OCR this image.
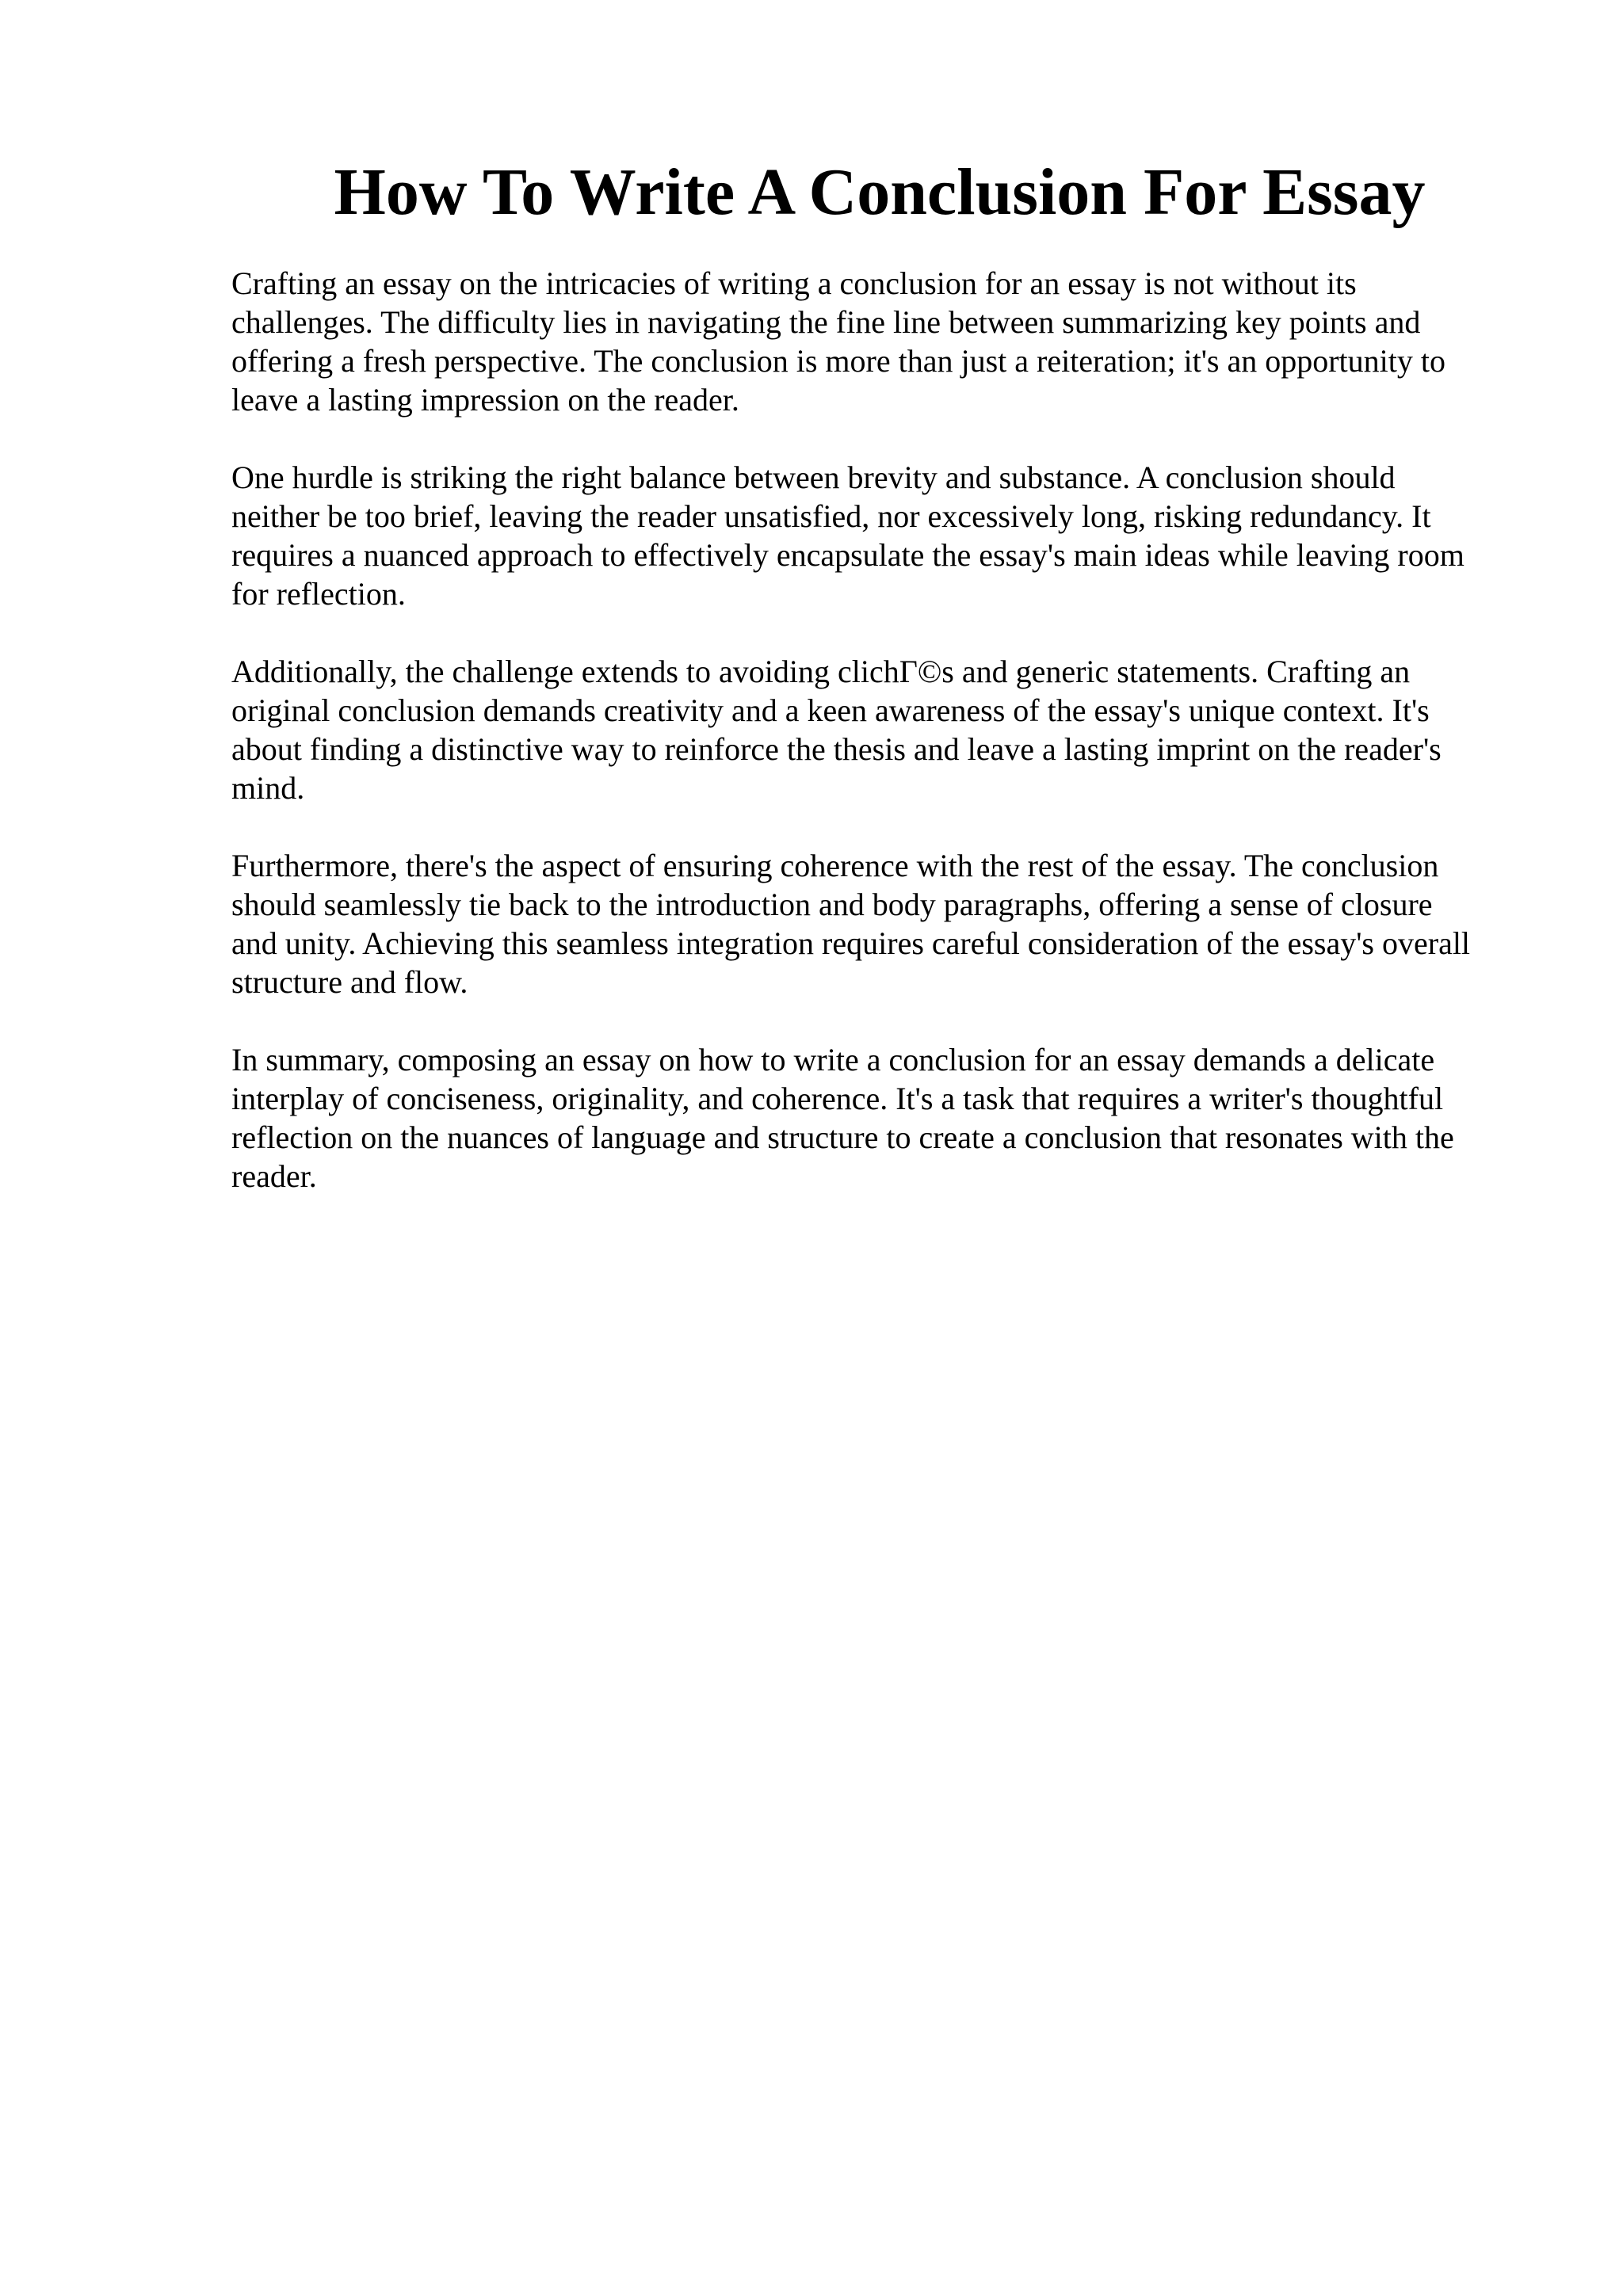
How To Write A Conclusion For Essay

Crafting an essay on the intricacies of writing a conclusion for an essay is not without its
challenges. The difficulty lies in navigating the fine line between summarizing key points and
offering a fresh perspective. The conclusion is more than just a reiteration; it's an opportunity to
leave a lasting impression on the reader.

One hurdle is striking the right balance between brevity and substance. A conclusion should
neither be too brief, leaving the reader unsatisfied, nor excessively long, risking redundancy. It
requires a nuanced approach to effectively encapsulate the essay's main ideas while leaving room
for reflection.

Additionally, the challenge extends to avoiding clichГ©s and generic statements. Crafting an
original conclusion demands creativity and a keen awareness of the essay's unique context. It's
about finding a distinctive way to reinforce the thesis and leave a lasting imprint on the reader's
mind.

Furthermore, there's the aspect of ensuring coherence with the rest of the essay. The conclusion
should seamlessly tie back to the introduction and body paragraphs, offering a sense of closure
and unity. Achieving this seamless integration requires careful consideration of the essay's overall
structure and flow.

In summary, composing an essay on how to write a conclusion for an essay demands a delicate
interplay of conciseness, originality, and coherence. It's a task that requires a writer's thoughtful
reflection on the nuances of language and structure to create a conclusion that resonates with the
reader.
